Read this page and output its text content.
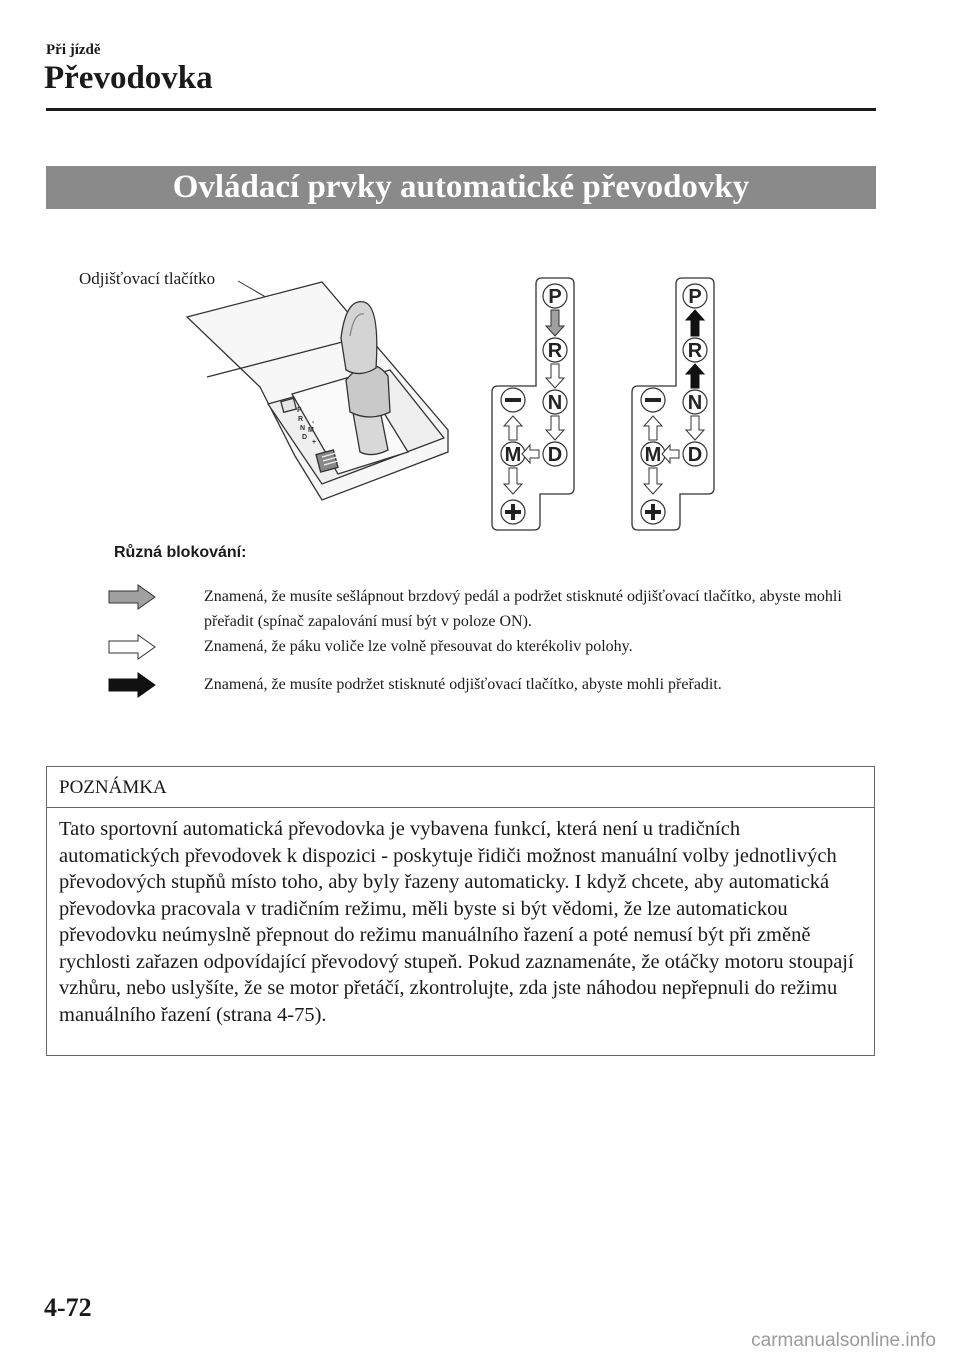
Při jízdě
Převodovka
Ovládací prvky automatické převodovky
P
R
N
D
M
+
-
P
R
N
D
M
P
R
N
D
M
Odjišťovací tlačítko
Různá blokování:
Znamená, že musíte sešlápnout brzdový pedál a podržet stisknuté odjišťovací tlačítko, abyste mohli přeřadit (spínač zapalování musí být v poloze ON).
Znamená, že páku voliče lze volně přesouvat do kterékoliv polohy.
Znamená, že musíte podržet stisknuté odjišťovací tlačítko, abyste mohli přeřadit.
POZNÁMKA
Tato sportovní automatická převodovka je vybavena funkcí, která není u tradičních automatických převodovek k dispozici - poskytuje řidiči možnost manuální volby jednotlivých převodových stupňů místo toho, aby byly řazeny automaticky. I když chcete, aby automatická převodovka pracovala v tradičním režimu, měli byste si být vědomi, že lze automatickou převodovku neúmyslně přepnout do režimu manuálního řazení a poté nemusí být při změně rychlosti zařazen odpovídající převodový stupeň. Pokud zaznamenáte, že otáčky motoru stoupají vzhůru, nebo uslyšíte, že se motor přetáčí, zkontrolujte, zda jste náhodou nepřepnuli do režimu manuálního řazení (strana 4-75).
4-72
carmanualsonline.info
